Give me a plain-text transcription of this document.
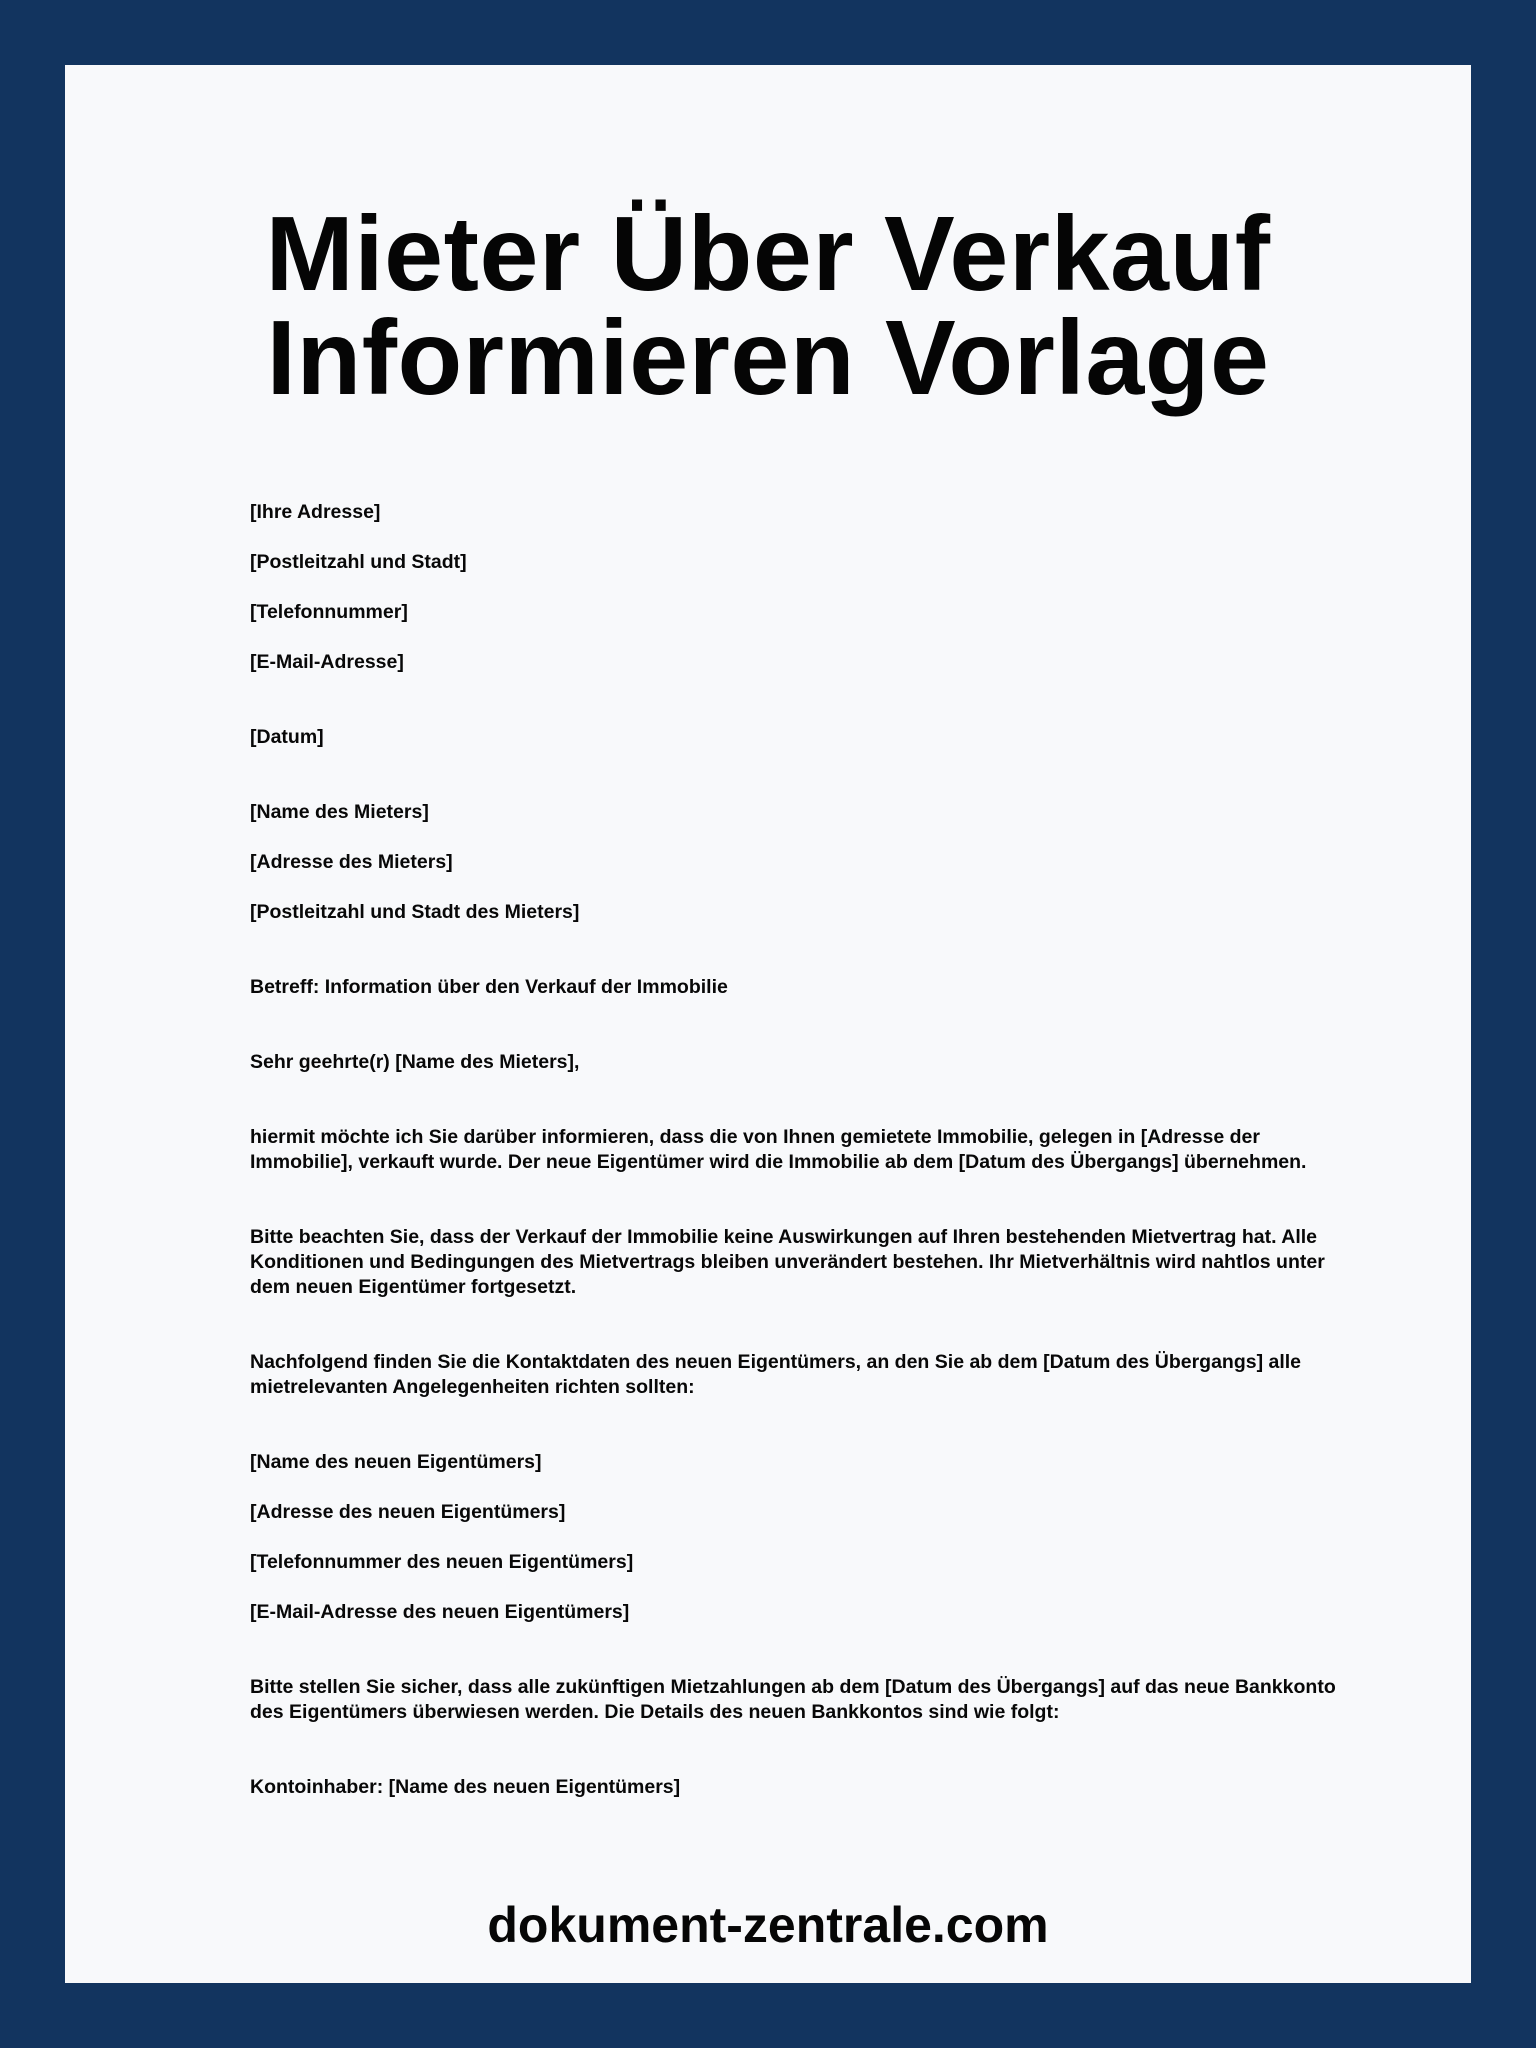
Mieter Über Verkauf
Informieren Vorlage

[Ihre Adresse]

[Postleitzahl und Stadt]

[Telefonnummer]

[E-Mail-Adresse]

[Datum]

[Name des Mieters]

[Adresse des Mieters]

[Postleitzahl und Stadt des Mieters]

Betreff: Information über den Verkauf der Immobilie

Sehr geehrte(r) [Name des Mieters],

hiermit möchte ich Sie darüber informieren, dass die von Ihnen gemietete Immobilie, gelegen in [Adresse der Immobilie], verkauft wurde. Der neue Eigentümer wird die Immobilie ab dem [Datum des Übergangs] übernehmen.

Bitte beachten Sie, dass der Verkauf der Immobilie keine Auswirkungen auf Ihren bestehenden Mietvertrag hat. Alle Konditionen und Bedingungen des Mietvertrags bleiben unverändert bestehen. Ihr Mietverhältnis wird nahtlos unter dem neuen Eigentümer fortgesetzt.

Nachfolgend finden Sie die Kontaktdaten des neuen Eigentümers, an den Sie ab dem [Datum des Übergangs] alle mietrelevanten Angelegenheiten richten sollten:

[Name des neuen Eigentümers]

[Adresse des neuen Eigentümers]

[Telefonnummer des neuen Eigentümers]

[E-Mail-Adresse des neuen Eigentümers]

Bitte stellen Sie sicher, dass alle zukünftigen Mietzahlungen ab dem [Datum des Übergangs] auf das neue Bankkonto des Eigentümers überwiesen werden. Die Details des neuen Bankkontos sind wie folgt:

Kontoinhaber: [Name des neuen Eigentümers]

dokument-zentrale.com
